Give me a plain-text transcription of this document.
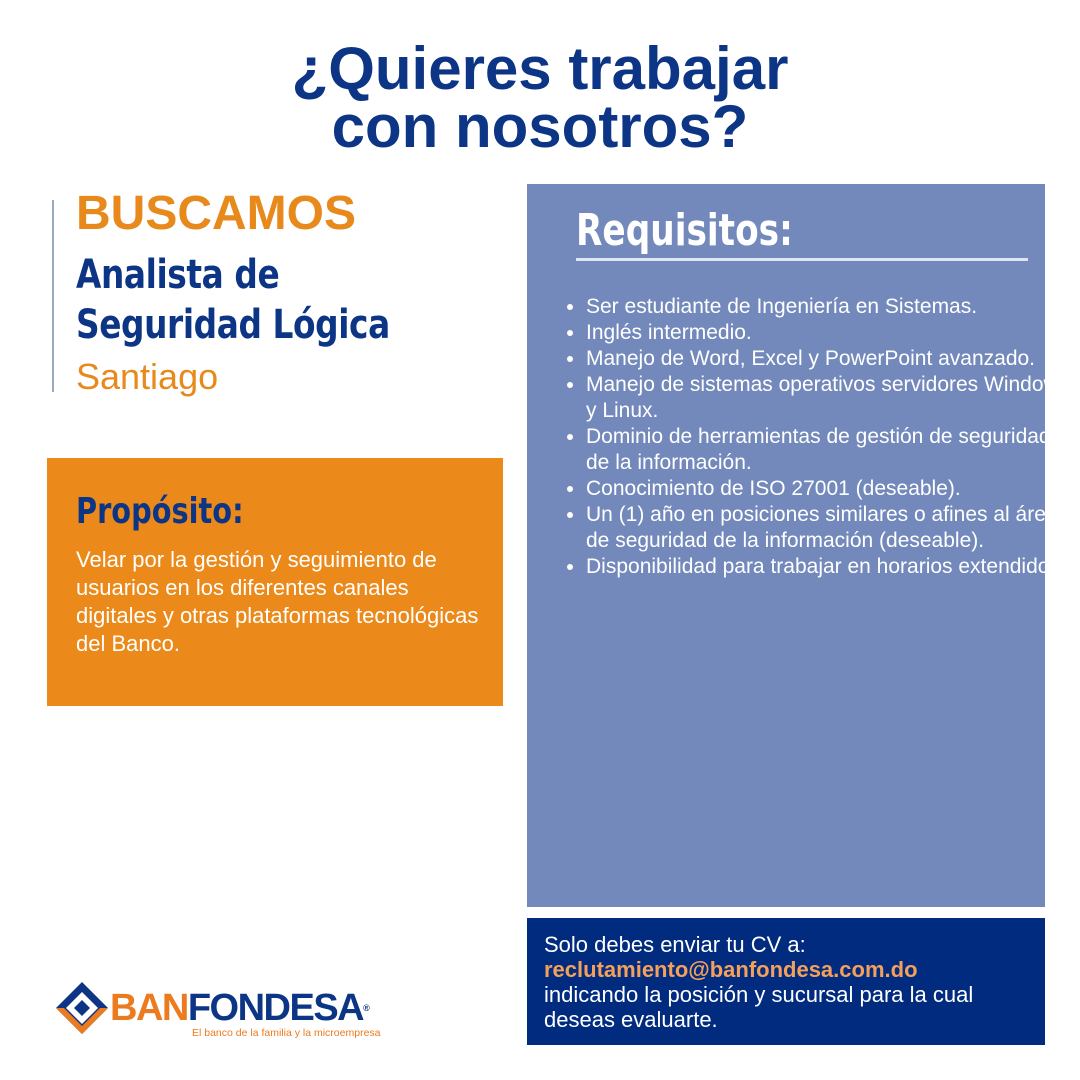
¿Quieres trabajar
con nosotros?
BUSCAMOS
Analista de
Seguridad Lógica
Santiago
Propósito:
Velar por la gestión y seguimiento de usuarios en los diferentes canales digitales y otras plataformas tecnológicas del Banco.
Requisitos:
• Ser estudiante de Ingeniería en Sistemas.
• Inglés intermedio.
• Manejo de Word, Excel y PowerPoint avanzado.
• Manejo de sistemas operativos servidores Windows y Linux.
• Dominio de herramientas de gestión de seguridad de la información.
• Conocimiento de ISO 27001 (deseable).
• Un (1) año en posiciones similares o afines al área de seguridad de la información (deseable).
• Disponibilidad para trabajar en horarios extendidos.
Solo debes enviar tu CV a:
reclutamiento@banfondesa.com.do
indicando la posición y sucursal para la cual deseas evaluarte.
BANFONDESA®
El banco de la familia y la microempresa
